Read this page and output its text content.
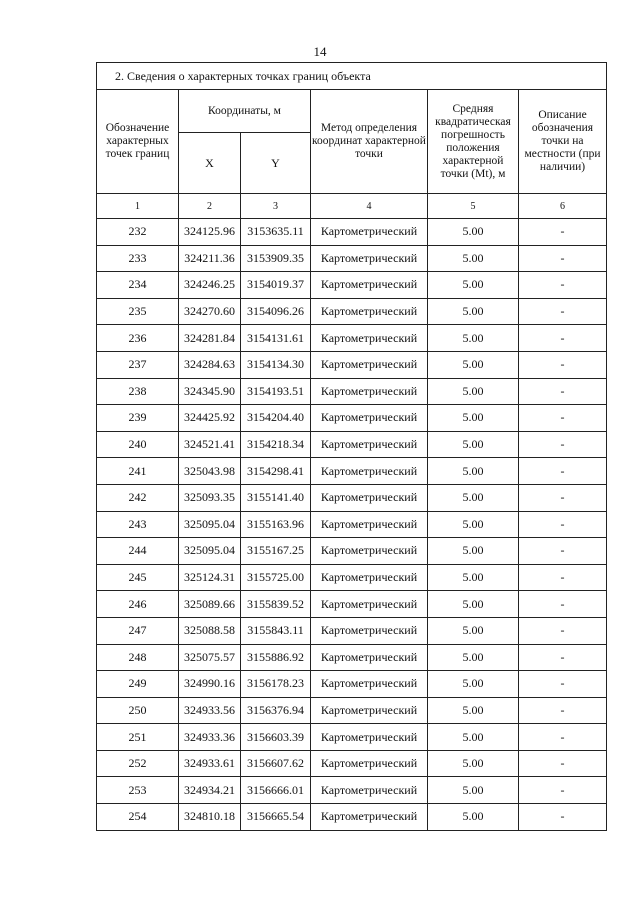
14
2. Сведения о характерных точках границ объекта					
Обозначение характерных точек границ	Координаты, м		Метод определения координат характерной точки	Средняя квадратическая погрешность положения характерной точки (Mt), м	Описание обозначения точки на местности (при наличии)
	X	Y			
1	2	3	4	5	6
232	324125.96	3153635.11	Картометрический	5.00	-
233	324211.36	3153909.35	Картометрический	5.00	-
234	324246.25	3154019.37	Картометрический	5.00	-
235	324270.60	3154096.26	Картометрический	5.00	-
236	324281.84	3154131.61	Картометрический	5.00	-
237	324284.63	3154134.30	Картометрический	5.00	-
238	324345.90	3154193.51	Картометрический	5.00	-
239	324425.92	3154204.40	Картометрический	5.00	-
240	324521.41	3154218.34	Картометрический	5.00	-
241	325043.98	3154298.41	Картометрический	5.00	-
242	325093.35	3155141.40	Картометрический	5.00	-
243	325095.04	3155163.96	Картометрический	5.00	-
244	325095.04	3155167.25	Картометрический	5.00	-
245	325124.31	3155725.00	Картометрический	5.00	-
246	325089.66	3155839.52	Картометрический	5.00	-
247	325088.58	3155843.11	Картометрический	5.00	-
248	325075.57	3155886.92	Картометрический	5.00	-
249	324990.16	3156178.23	Картометрический	5.00	-
250	324933.56	3156376.94	Картометрический	5.00	-
251	324933.36	3156603.39	Картометрический	5.00	-
252	324933.61	3156607.62	Картометрический	5.00	-
253	324934.21	3156666.01	Картометрический	5.00	-
254	324810.18	3156665.54	Картометрический	5.00	-
